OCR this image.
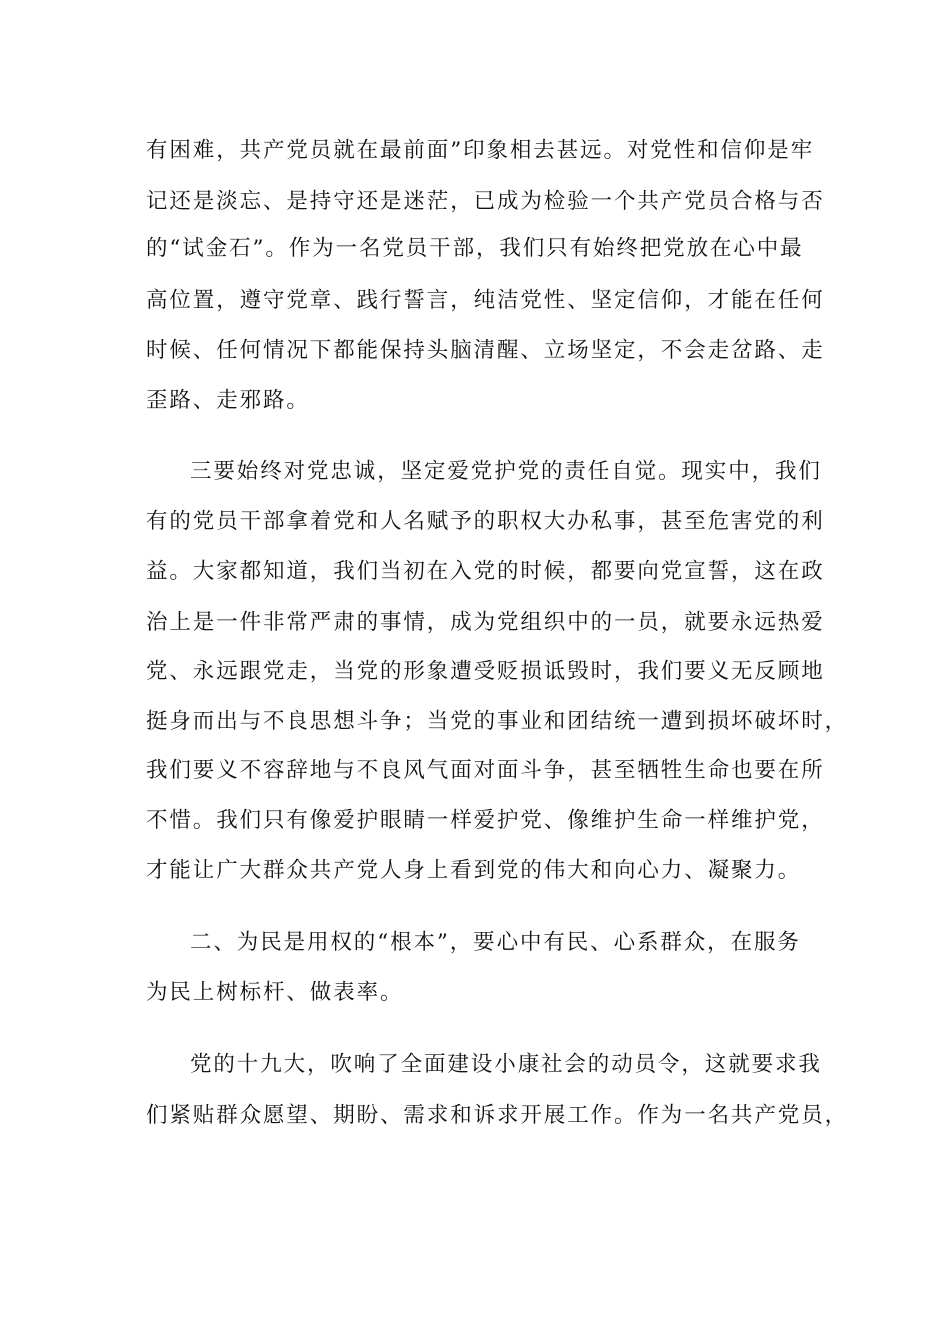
有困难，共产党员就在最前面”印象相去甚远。对党性和信仰是牢
记还是淡忘、是持守还是迷茫，已成为检验一个共产党员合格与否
的“试金石”。作为一名党员干部，我们只有始终把党放在心中最
高位置，遵守党章、践行誓言，纯洁党性、坚定信仰，才能在任何
时候、任何情况下都能保持头脑清醒、立场坚定，不会走岔路、走
歪路、走邪路。
三要始终对党忠诚，坚定爱党护党的责任自觉。现实中，我们
有的党员干部拿着党和人名赋予的职权大办私事，甚至危害党的利
益。大家都知道，我们当初在入党的时候，都要向党宣誓，这在政
治上是一件非常严肃的事情，成为党组织中的一员，就要永远热爱
党、永远跟党走，当党的形象遭受贬损诋毁时，我们要义无反顾地
挺身而出与不良思想斗争；当党的事业和团结统一遭到损坏破坏时，
我们要义不容辞地与不良风气面对面斗争，甚至牺牲生命也要在所
不惜。我们只有像爱护眼睛一样爱护党、像维护生命一样维护党，
才能让广大群众共产党人身上看到党的伟大和向心力、凝聚力。
二、为民是用权的“根本”，要心中有民、心系群众，在服务
为民上树标杆、做表率。
党的十九大，吹响了全面建设小康社会的动员令，这就要求我
们紧贴群众愿望、期盼、需求和诉求开展工作。作为一名共产党员，
